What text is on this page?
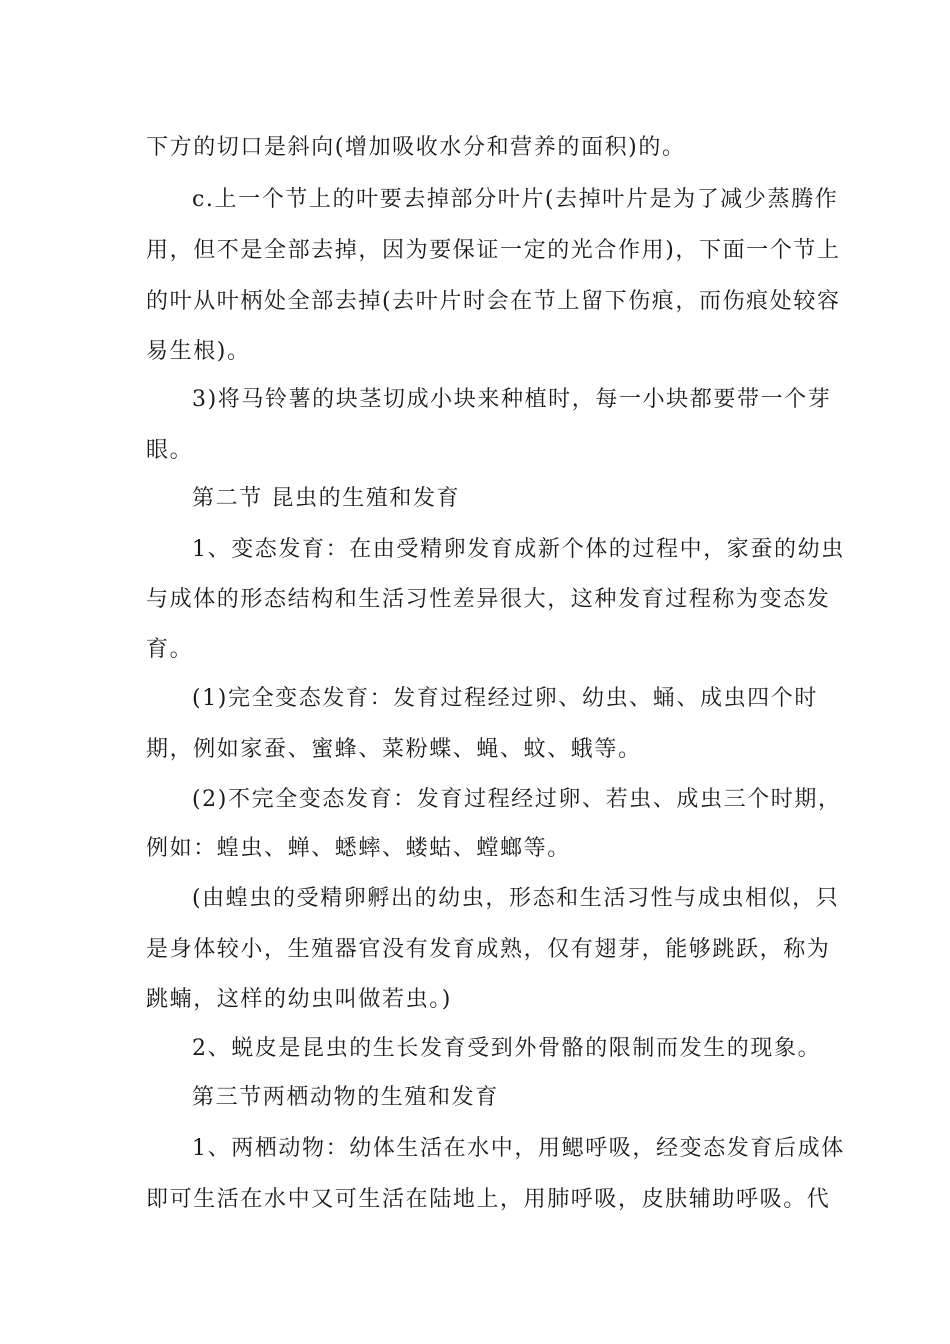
下方的切口是斜向(增加吸收水分和营养的面积)的。
c.上一个节上的叶要去掉部分叶片(去掉叶片是为了减少蒸腾作
用，但不是全部去掉，因为要保证一定的光合作用)，下面一个节上
的叶从叶柄处全部去掉(去叶片时会在节上留下伤痕，而伤痕处较容
易生根)。
3)将马铃薯的块茎切成小块来种植时，每一小块都要带一个芽
眼。
第二节 昆虫的生殖和发育
1、变态发育：在由受精卵发育成新个体的过程中，家蚕的幼虫
与成体的形态结构和生活习性差异很大，这种发育过程称为变态发
育。
(1)完全变态发育：发育过程经过卵、幼虫、蛹、成虫四个时
期，例如家蚕、蜜蜂、菜粉蝶、蝇、蚊、蛾等。
(2)不完全变态发育：发育过程经过卵、若虫、成虫三个时期，
例如：蝗虫、蝉、蟋蟀、蝼蛄、螳螂等。
(由蝗虫的受精卵孵出的幼虫，形态和生活习性与成虫相似，只
是身体较小，生殖器官没有发育成熟，仅有翅芽，能够跳跃，称为
跳蝻，这样的幼虫叫做若虫。)
2、蜕皮是昆虫的生长发育受到外骨骼的限制而发生的现象。
第三节两栖动物的生殖和发育
1、两栖动物：幼体生活在水中，用鳃呼吸，经变态发育后成体
即可生活在水中又可生活在陆地上，用肺呼吸，皮肤辅助呼吸。代
